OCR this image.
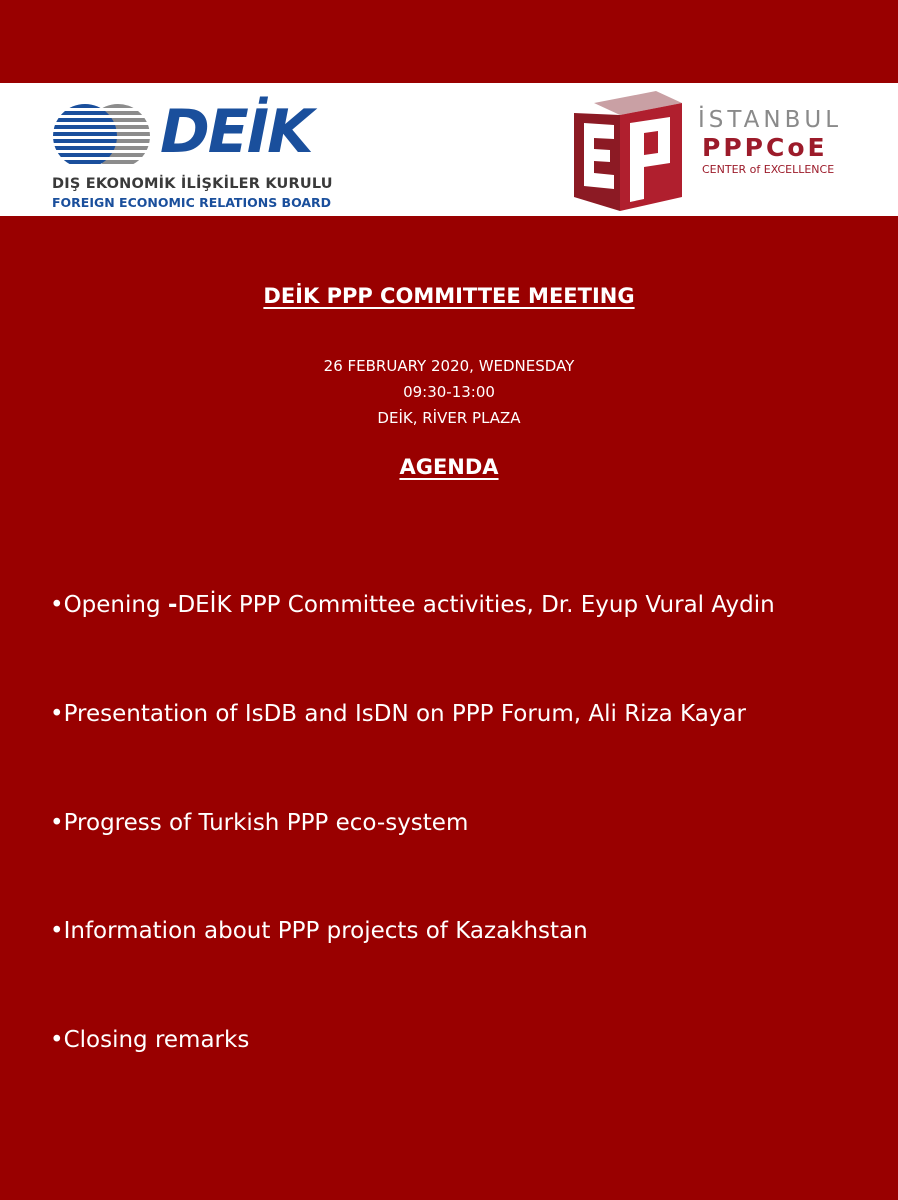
DEİK
DIŞ EKONOMİK İLİŞKİLER KURULU
FOREIGN ECONOMIC RELATIONS BOARD
İSTANBUL
PPPCoE
CENTER of EXCELLENCE
DEİK PPP COMMITTEE MEETING
26 FEBRUARY 2020, WEDNESDAY
09:30-13:00
DEİK, RİVER PLAZA
AGENDA
•Opening -DEİK PPP Committee activities, Dr. Eyup Vural Aydin
•Presentation of IsDB and IsDN on PPP Forum, Ali Riza Kayar
•Progress of Turkish PPP eco-system
•Information about PPP projects of Kazakhstan
•Closing remarks
